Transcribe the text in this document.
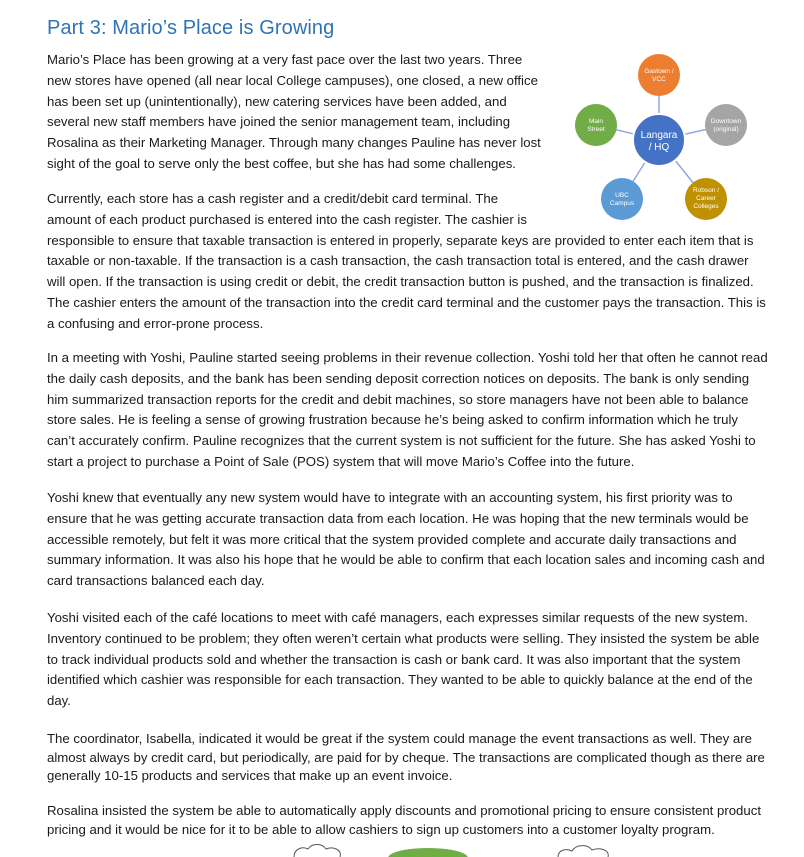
Part 3: Mario’s Place is Growing

Mario’s Place has been growing at a very fast pace over the last two years. Three new stores have opened (all near local College campuses), one closed, a new office has been set up (unintentionally), new catering services have been added, and several new staff members have joined the senior management team, including Rosalina as their Marketing Manager. Through many changes Pauline has never lost sight of the goal to serve only the best coffee, but she has had some challenges.

Gastown /
VCC
Downtown
(original)
Robson /
Career
Colleges
UBC
Campus
Main
Street
Langara
/ HQ

Currently, each store has a cash register and a credit/debit card terminal. The
amount of each product purchased is entered into the cash register. The cashier is
responsible to ensure that taxable transaction is entered in properly, separate keys are provided to enter each item that is taxable or non-taxable. If the transaction is a cash transaction, the cash transaction total is entered, and the cash drawer will open. If the transaction is using credit or debit, the credit transaction button is pushed, and the transaction is finalized. The cashier enters the amount of the transaction into the credit card terminal and the customer pays the transaction. This is a confusing and error-prone process.

In a meeting with Yoshi, Pauline started seeing problems in their revenue collection. Yoshi told her that often he cannot read the daily cash deposits, and the bank has been sending deposit correction notices on deposits. The bank is only sending him summarized transaction reports for the credit and debit machines, so store managers have not been able to balance store sales. He is feeling a sense of growing frustration because he’s being asked to confirm information which he truly can’t accurately confirm. Pauline recognizes that the current system is not sufficient for the future. She has asked Yoshi to start a project to purchase a Point of Sale (POS) system that will move Mario’s Coffee into the future.

Yoshi knew that eventually any new system would have to integrate with an accounting system, his first priority was to ensure that he was getting accurate transaction data from each location. He was hoping that the new terminals would be accessible remotely, but felt it was more critical that the system provided complete and accurate daily transactions and summary information. It was also his hope that he would be able to confirm that each location sales and incoming cash and card transactions balanced each day.

Yoshi visited each of the café locations to meet with café managers, each expresses similar requests of the new system. Inventory continued to be problem; they often weren’t certain what products were selling. They insisted the system be able to track individual products sold and whether the transaction is cash or bank card. It was also important that the system identified which cashier was responsible for each transaction. They wanted to be able to quickly balance at the end of the day.

The coordinator, Isabella, indicated it would be great if the system could manage the event transactions as well. They are almost always by credit card, but periodically, are paid for by cheque. The transactions are complicated though as there are generally 10-15 products and services that make up an event invoice.

Rosalina insisted the system be able to automatically apply discounts and promotional pricing to ensure consistent product pricing and it would be nice for it to be able to allow cashiers to sign up customers into a customer loyalty program.
